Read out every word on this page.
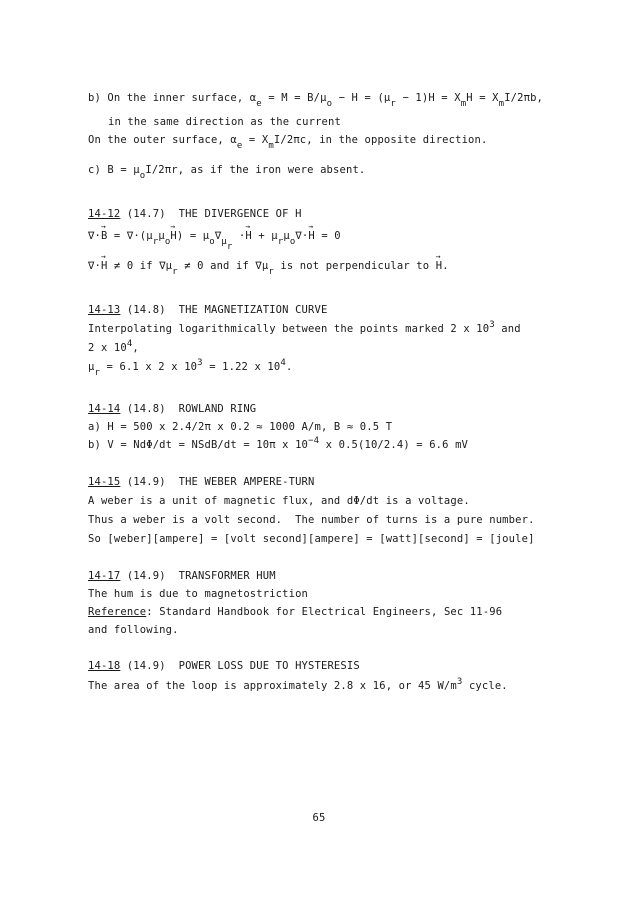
b) On the inner surface, $\alpha_e = M = B/\mu_o - H = (\mu_r - 1)H = X_mH = X_mI/2\pi b$,
in the same direction as the current
On the outer surface, $\alpha_e = X_mI/2\pi c$, in the opposite direction.
c) $B = \mu_oI/2\pi r$, as if the iron were absent.
14-12 (14.7)  THE DIVERGENCE OF H
∇·→ $B = \nabla\cdot(\mu_r\mu_o\to H) = \mu_o\nabla_{\mu_r} \cdot\to H + \mu_r\mu_o\nabla\cdot\to H = 0$
∇·→ H ≠ 0 if $\nabla\mu_r \ne 0$ and if $\nabla\mu_r$ is not perpendicular to → H.
14-13 (14.8)  THE MAGNETIZATION CURVE
Interpolating logarithmically between the points marked 2 x $10^3$ and
2 x $10^4$,
$\mu_r = 6.1$ x 2 x $10^3 = 1.22$ x $10^4$.
14-14 (14.8)  ROWLAND RING
a) H = 500 x 2.4/2π x 0.2 ≈ 1000 A/m, B ≈ 0.5 T
b) V = NdΦ/dt = NSdB/dt = 10π x $10^{-4}$ x 0.5(10/2.4) = 6.6 mV
14-15 (14.9)  THE WEBER AMPERE-TURN
A weber is a unit of magnetic flux, and dΦ/dt is a voltage.
Thus a weber is a volt second.  The number of turns is a pure number.
So [weber][ampere] = [volt second][ampere] = [watt][second] = [joule]
14-17 (14.9)  TRANSFORMER HUM
The hum is due to magnetostriction
Reference: Standard Handbook for Electrical Engineers, Sec 11-96
and following.
14-18 (14.9)  POWER LOSS DUE TO HYSTERESIS
The area of the loop is approximately 2.8 x 16, or 45 $W/m^3$ cycle.
65
